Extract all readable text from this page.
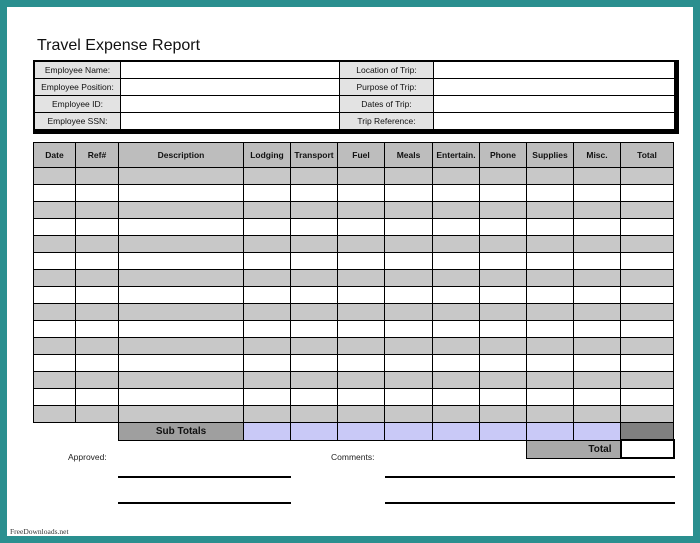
Travel Expense Report
Employee Name:	Location of Trip:
Employee Position:	Purpose of Trip:
Employee ID:	Dates of Trip:
Employee SSN:	Trip Reference:
Date	Ref#	Description	Lodging	Transport	Fuel	Meals	Entertain.	Phone	Supplies	Misc.	Total

		Sub Totals									
									Total		
Approved:	Comments:
FreeDownloads.net
